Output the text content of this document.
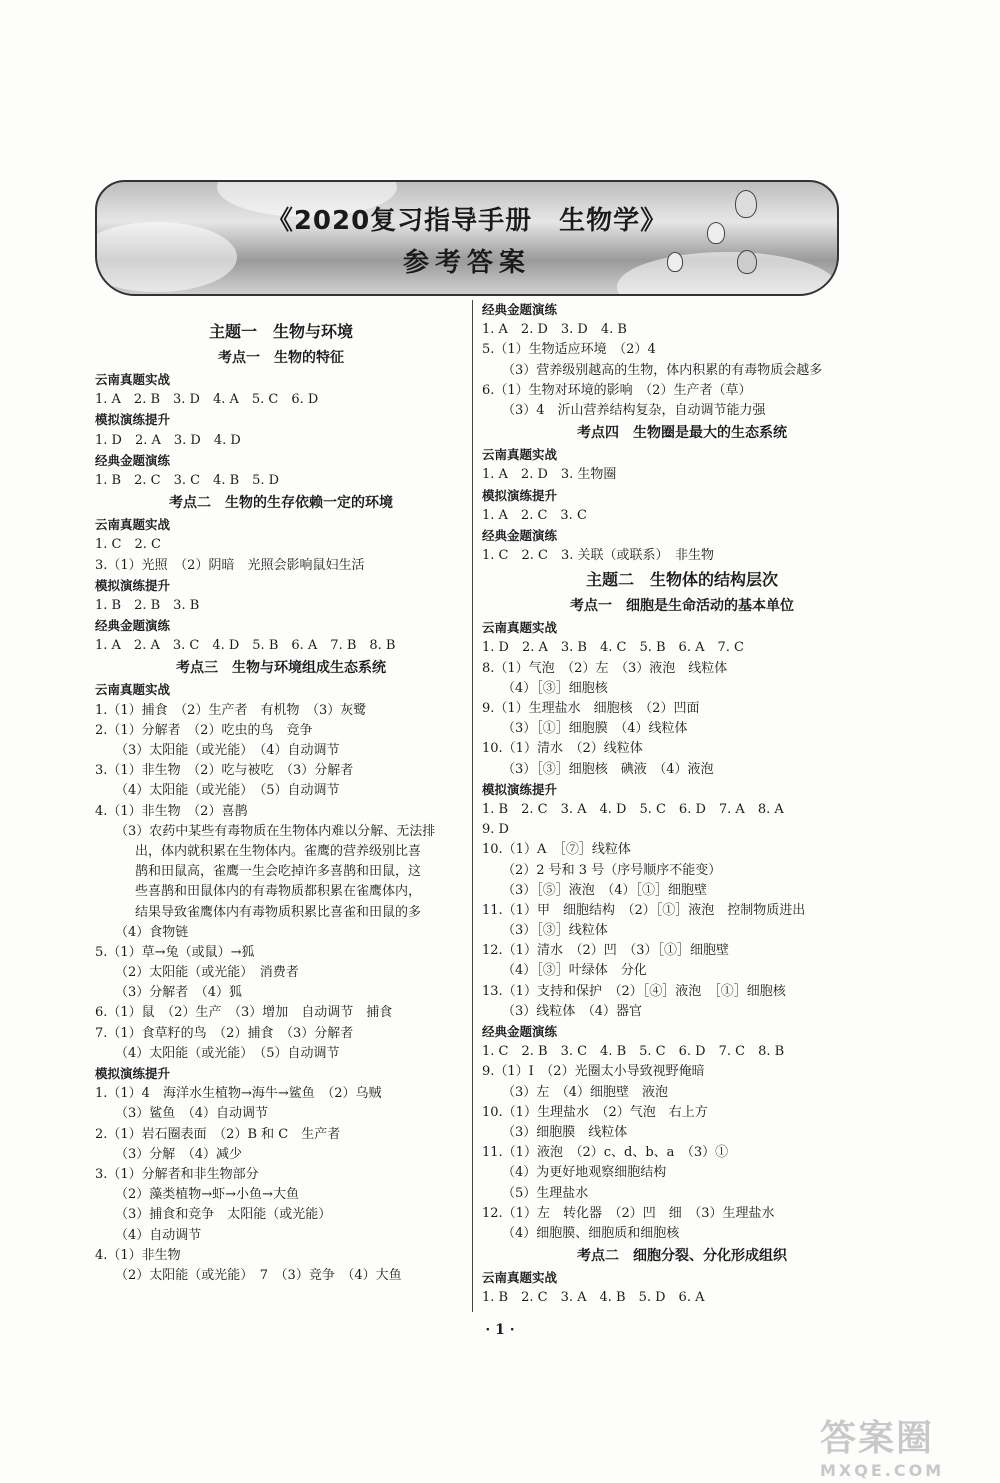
《2020复习指导手册　生物学》
参考答案
主题一　生物与环境
考点一　生物的特征
云南真题实战
1. A　2. B　3. D　4. A　5. C　6. D
模拟演练提升
1. D　2. A　3. D　4. D
经典金题演练
1. B　2. C　3. C　4. B　5. D
考点二　生物的生存依赖一定的环境
云南真题实战
1. C　2. C
3.（1）光照　（2）阴暗　光照会影响鼠妇生活
模拟演练提升
1. B　2. B　3. B
经典金题演练
1. A　2. A　3. C　4. D　5. B　6. A　7. B　8. B
考点三　生物与环境组成生态系统
云南真题实战
1.（1）捕食　（2）生产者　有机物　（3）灰鹭
2.（1）分解者　（2）吃虫的鸟　竞争
（3）太阳能（或光能）　（4）自动调节
3.（1）非生物　（2）吃与被吃　（3）分解者
（4）太阳能（或光能）　（5）自动调节
4.（1）非生物　（2）喜鹊
（3）农药中某些有毒物质在生物体内难以分解、无法排
出，体内就积累在生物体内。雀鹰的营养级别比喜
鹊和田鼠高，雀鹰一生会吃掉许多喜鹊和田鼠，这
些喜鹊和田鼠体内的有毒物质都积累在雀鹰体内，
结果导致雀鹰体内有毒物质积累比喜雀和田鼠的多
（4）食物链
5.（1）草→兔（或鼠）→狐
（2）太阳能（或光能）　消费者
（3）分解者　（4）狐
6.（1）鼠　（2）生产　（3）增加　自动调节　捕食
7.（1）食草籽的鸟　（2）捕食　（3）分解者
（4）太阳能（或光能）　（5）自动调节
模拟演练提升
1.（1）4　海洋水生植物→海牛→鲨鱼　（2）乌贼
（3）鲨鱼　（4）自动调节
2.（1）岩石圈表面　（2）B 和 C　生产者
（3）分解　（4）减少
3.（1）分解者和非生物部分
（2）藻类植物→虾→小鱼→大鱼
（3）捕食和竞争　太阳能（或光能）
（4）自动调节
4.（1）非生物
（2）太阳能（或光能）　7　（3）竞争　（4）大鱼
经典金题演练
1. A　2. D　3. D　4. B
5.（1）生物适应环境　（2）4
（3）营养级别越高的生物，体内积累的有毒物质会越多
6.（1）生物对环境的影响　（2）生产者（草）
（3）4　沂山营养结构复杂，自动调节能力强
考点四　生物圈是最大的生态系统
云南真题实战
1. A　2. D　3. 生物圈
模拟演练提升
1. A　2. C　3. C
经典金题演练
1. C　2. C　3. 关联（或联系）　非生物
主题二　生物体的结构层次
考点一　细胞是生命活动的基本单位
云南真题实战
1. D　2. A　3. B　4. C　5. B　6. A　7. C
8.（1）气泡　（2）左　（3）液泡　线粒体
（4）［③］细胞核
9.（1）生理盐水　细胞核　（2）凹面
（3）［①］细胞膜　（4）线粒体
10.（1）清水　（2）线粒体
（3）［③］细胞核　碘液　（4）液泡
模拟演练提升
1. B　2. C　3. A　4. D　5. C　6. D　7. A　8. A
9. D
10.（1）A　［⑦］线粒体
（2）2 号和 3 号（序号顺序不能变）
（3）［⑤］液泡　（4）［①］细胞壁
11.（1）甲　细胞结构　（2）［①］液泡　控制物质进出
（3）［③］线粒体
12.（1）清水　（2）凹　（3）［①］细胞壁
（4）［③］叶绿体　分化
13.（1）支持和保护　（2）［④］液泡　［①］细胞核
（3）线粒体　（4）器官
经典金题演练
1. C　2. B　3. C　4. B　5. C　6. D　7. C　8. B
9.（1）I　（2）光圈太小导致视野俺暗
（3）左　（4）细胞壁　液泡
10.（1）生理盐水　（2）气泡　右上方
（3）细胞膜　线粒体
11.（1）液泡　（2）c、d、b、a　（3）①
（4）为更好地观察细胞结构
（5）生理盐水
12.（1）左　转化器　（2）凹　细　（3）生理盐水
（4）细胞膜、细胞质和细胞核
考点二　细胞分裂、分化形成组织
云南真题实战
1. B　2. C　3. A　4. B　5. D　6. A
· 1 ·
答案圈
MXQE.COM
